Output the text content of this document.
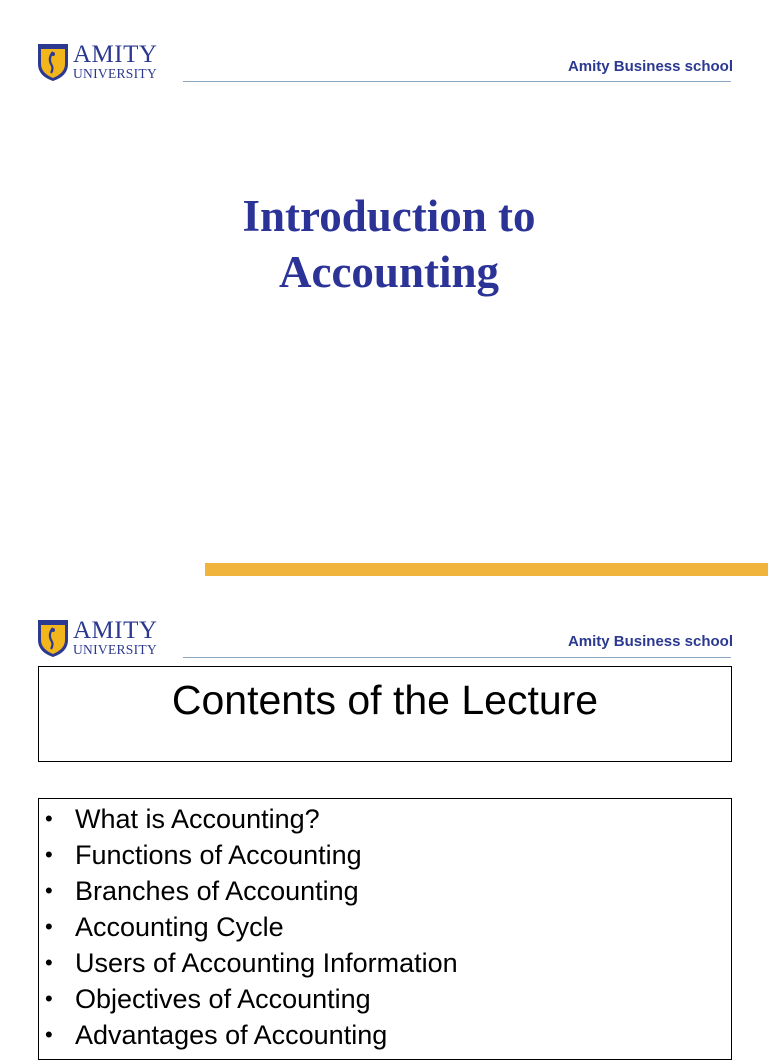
AMITY
UNIVERSITY	Amity Business school
Introduction to
Accounting
AMITY
UNIVERSITY	Amity Business school
Contents of the Lecture
• What is Accounting?
• Functions of Accounting
• Branches of Accounting
• Accounting Cycle
• Users of Accounting Information
• Objectives of Accounting
• Advantages of Accounting
